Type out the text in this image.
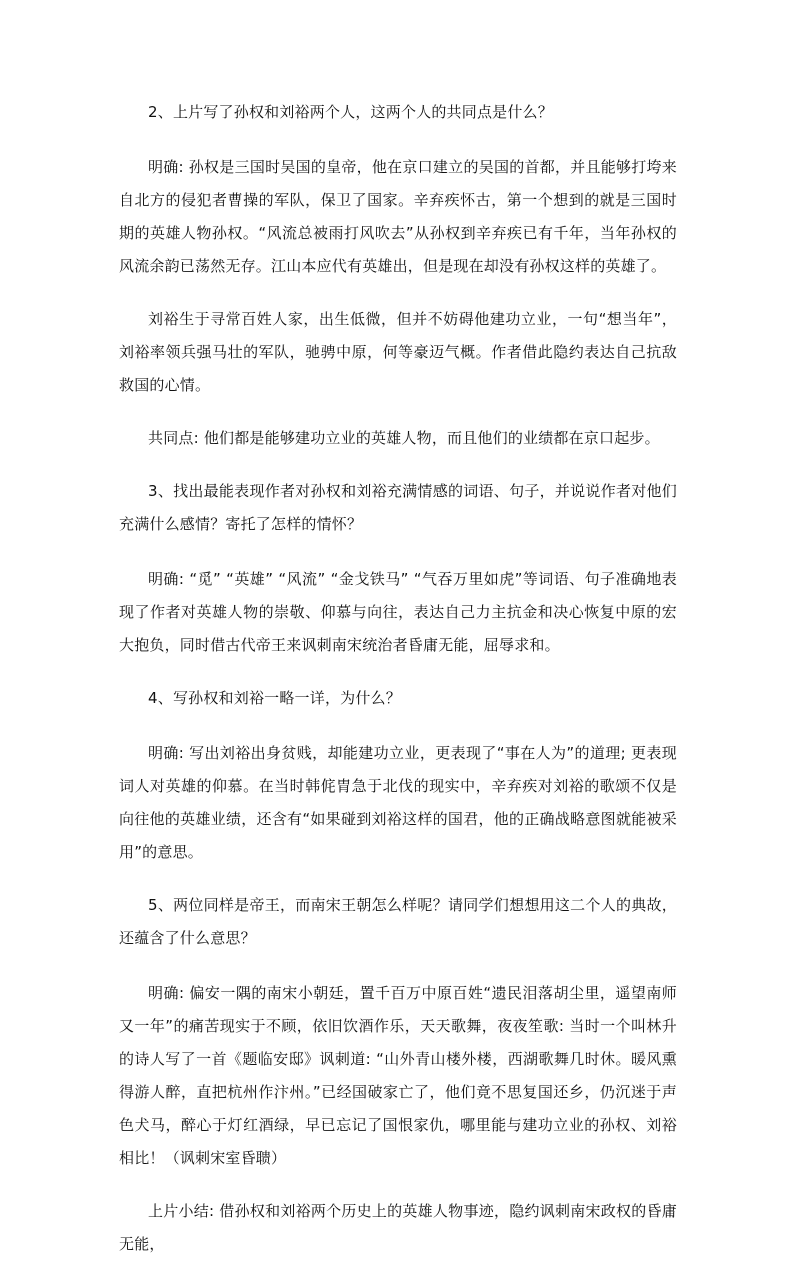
2、上片写了孙权和刘裕两个人，这两个人的共同点是什么？

明确: 孙权是三国时吴国的皇帝，他在京口建立的吴国的首都，并且能够打垮来自北方的侵犯者曹操的军队，保卫了国家。辛弃疾怀古，第一个想到的就是三国时期的英雄人物孙权。“风流总被雨打风吹去”从孙权到辛弃疾已有千年，当年孙权的风流余韵已荡然无存。江山本应代有英雄出，但是现在却没有孙权这样的英雄了。

刘裕生于寻常百姓人家，出生低微，但并不妨碍他建功立业，一句“想当年”，刘裕率领兵强马壮的军队，驰骋中原，何等豪迈气概。作者借此隐约表达自己抗敌救国的心情。

共同点: 他们都是能够建功立业的英雄人物，而且他们的业绩都在京口起步。

3、找出最能表现作者对孙权和刘裕充满情感的词语、句子，并说说作者对他们充满什么感情？寄托了怎样的情怀？

明确: “觅” “英雄” “风流” “金戈铁马” “气吞万里如虎”等词语、句子准确地表现了作者对英雄人物的崇敬、仰慕与向往，表达自己力主抗金和决心恢复中原的宏大抱负，同时借古代帝王来讽刺南宋统治者昏庸无能，屈辱求和。

4、写孙权和刘裕一略一详，为什么？

明确: 写出刘裕出身贫贱，却能建功立业，更表现了“事在人为”的道理; 更表现词人对英雄的仰慕。在当时韩侂胄急于北伐的现实中，辛弃疾对刘裕的歌颂不仅是向往他的英雄业绩，还含有“如果碰到刘裕这样的国君，他的正确战略意图就能被采用”的意思。

5、两位同样是帝王，而南宋王朝怎么样呢？请同学们想想用这二个人的典故，还蕴含了什么意思？

明确: 偏安一隅的南宋小朝廷，置千百万中原百姓“遗民泪落胡尘里，遥望南师又一年”的痛苦现实于不顾，依旧饮酒作乐，天天歌舞，夜夜笙歌: 当时一个叫林升的诗人写了一首《题临安邸》讽刺道: “山外青山楼外楼，西湖歌舞几时休。暖风熏得游人醉，直把杭州作汴州。”已经国破家亡了，他们竟不思复国还乡，仍沉迷于声色犬马，醉心于灯红酒绿，早已忘记了国恨家仇，哪里能与建功立业的孙权、刘裕相比！（讽刺宋室昏聩）

上片小结: 借孙权和刘裕两个历史上的英雄人物事迹，隐约讽刺南宋政权的昏庸无能，
